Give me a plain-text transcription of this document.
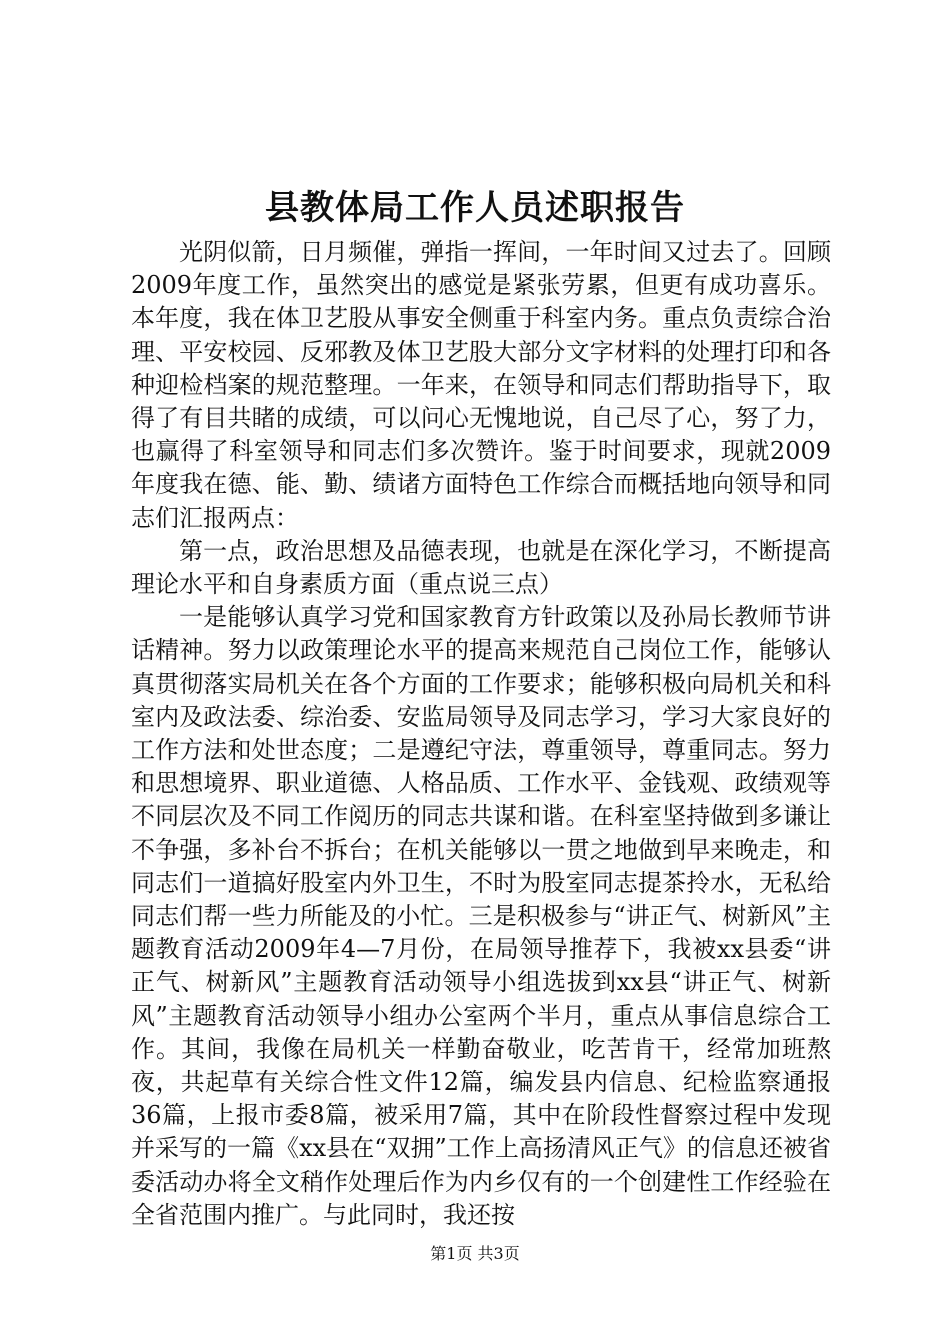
县教体局工作人员述职报告

光阴似箭，日月频催，弹指一挥间，一年时间又过去了。回顾2009年度工作，虽然突出的感觉是紧张劳累，但更有成功喜乐。本年度，我在体卫艺股从事安全侧重于科室内务。重点负责综合治理、平安校园、反邪教及体卫艺股大部分文字材料的处理打印和各种迎检档案的规范整理。一年来，在领导和同志们帮助指导下，取得了有目共睹的成绩，可以问心无愧地说，自己尽了心，努了力，也赢得了科室领导和同志们多次赞许。鉴于时间要求，现就2009年度我在德、能、勤、绩诸方面特色工作综合而概括地向领导和同志们汇报两点：

第一点，政治思想及品德表现，也就是在深化学习，不断提高理论水平和自身素质方面（重点说三点）

一是能够认真学习党和国家教育方针政策以及孙局长教师节讲话精神。努力以政策理论水平的提高来规范自己岗位工作，能够认真贯彻落实局机关在各个方面的工作要求；能够积极向局机关和科室内及政法委、综治委、安监局领导及同志学习，学习大家良好的工作方法和处世态度；二是遵纪守法，尊重领导，尊重同志。努力和思想境界、职业道德、人格品质、工作水平、金钱观、政绩观等不同层次及不同工作阅历的同志共谋和谐。在科室坚持做到多谦让不争强，多补台不拆台；在机关能够以一贯之地做到早来晚走，和同志们一道搞好股室内外卫生，不时为股室同志提茶拎水，无私给同志们帮一些力所能及的小忙。三是积极参与“讲正气、树新风”主题教育活动2009年4—7月份，在局领导推荐下，我被xx县委“讲正气、树新风”主题教育活动领导小组选拔到xx县“讲正气、树新风”主题教育活动领导小组办公室两个半月，重点从事信息综合工作。其间，我像在局机关一样勤奋敬业，吃苦肯干，经常加班熬夜，共起草有关综合性文件12篇，编发县内信息、纪检监察通报36篇，上报市委8篇，被采用7篇，其中在阶段性督察过程中发现并采写的一篇《xx县在“双拥”工作上高扬清风正气》的信息还被省委活动办将全文稍作处理后作为内乡仅有的一个创建性工作经验在全省范围内推广。与此同时，我还按

第1页 共3页
